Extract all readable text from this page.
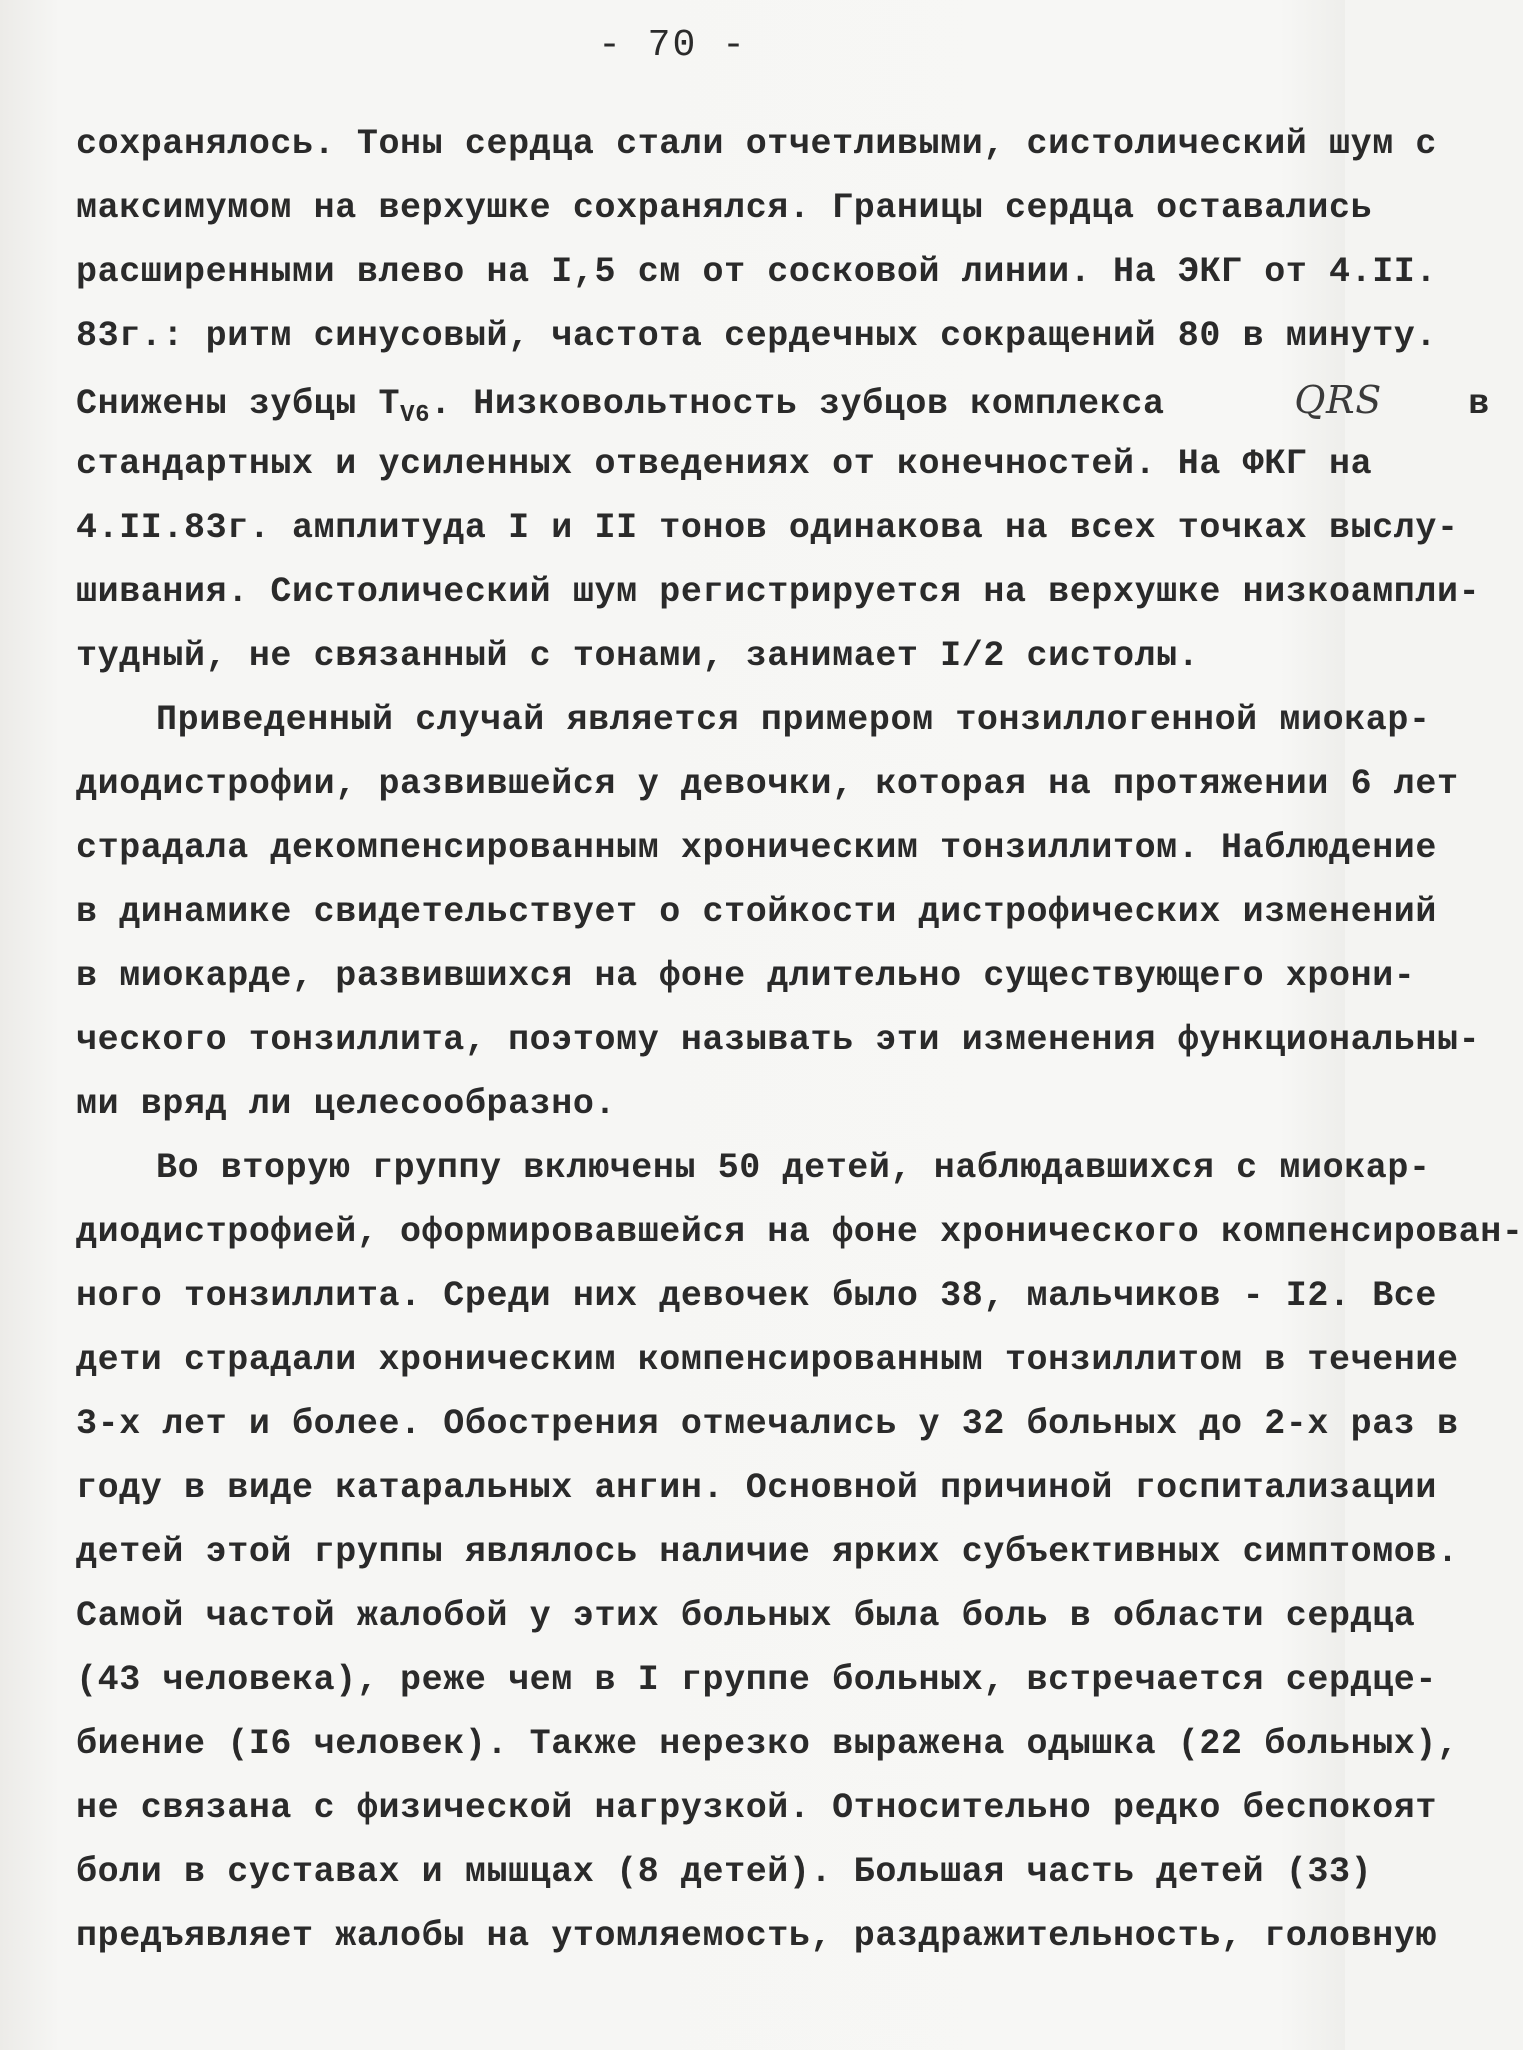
- 70 -
сохранялось. Тоны сердца стали отчетливыми, систолический шум с
максимумом на верхушке сохранялся. Границы сердца оставались
расширенными влево на I,5 см от сосковой линии. На ЭКГ от 4.II.
83г.: ритм синусовый, частота сердечных сокращений 80 в минуту.
Снижены зубцы $T_{V6}$. Низковольтность зубцов комплекса	QRS в
стандартных и усиленных отведениях от конечностей. На ФКГ на
4.II.83г. амплитуда I и II тонов одинакова на всех точках выслу-
шивания. Систолический шум регистрируется на верхушке низкоампли-
тудный, не связанный с тонами, занимает I/2 систолы.
Приведенный случай является примером тонзиллогенной миокар-
диодистрофии, развившейся у девочки, которая на протяжении 6 лет
страдала декомпенсированным хроническим тонзиллитом. Наблюдение
в динамике свидетельствует о стойкости дистрофических изменений
в миокарде, развившихся на фоне длительно существующего хрони-
ческого тонзиллита, поэтому называть эти изменения функциональны-
ми вряд ли целесообразно.
Во вторую группу включены 50 детей, наблюдавшихся с миокар-
диодистрофией, оформировавшейся на фоне хронического компенсирован-
ного тонзиллита. Среди них девочек было 38, мальчиков - I2. Все
дети страдали хроническим компенсированным тонзиллитом в течение
3-х лет и более. Обострения отмечались у 32 больных до 2-х раз в
году в виде катаральных ангин. Основной причиной госпитализации
детей этой группы являлось наличие ярких субъективных симптомов.
Самой частой жалобой у этих больных была боль в области сердца
(43 человека), реже чем в I группе больных, встречается сердце-
биение (I6 человек). Также нерезко выражена одышка (22 больных),
не связана с физической нагрузкой. Относительно редко беспокоят
боли в суставах и мышцах (8 детей). Большая часть детей (33)
предъявляет жалобы на утомляемость, раздражительность, головную
